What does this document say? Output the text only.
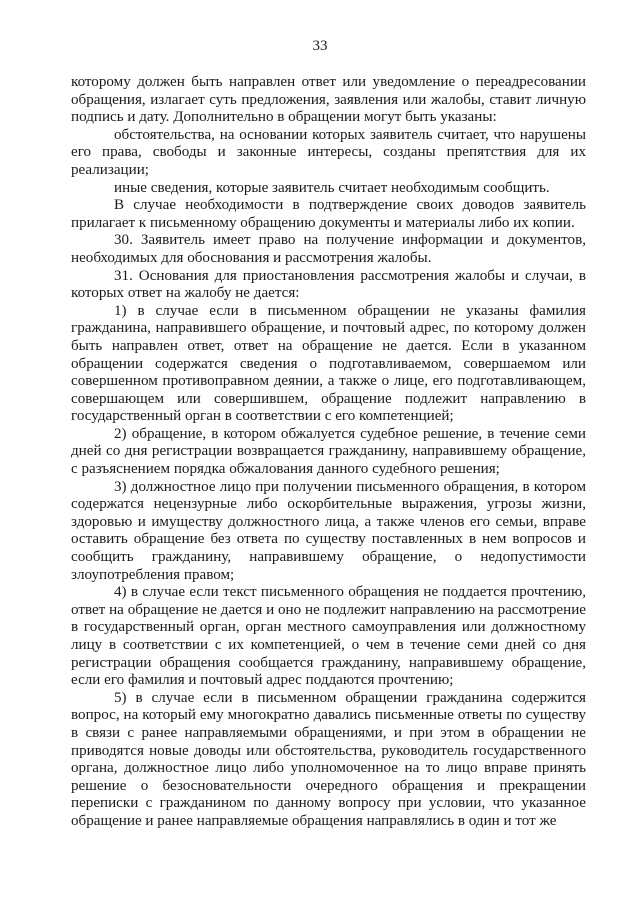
33

которому должен быть направлен ответ или уведомление о переадресовании обращения, излагает суть предложения, заявления или жалобы, ставит личную подпись и дату. Дополнительно в обращении могут быть указаны:

обстоятельства, на основании которых заявитель считает, что нарушены его права, свободы и законные интересы, созданы препятствия для их реализации;

иные сведения, которые заявитель считает необходимым сообщить.

В случае необходимости в подтверждение своих доводов заявитель прилагает к письменному обращению документы и материалы либо их копии.

30. Заявитель имеет право на получение информации и документов, необходимых для обоснования и рассмотрения жалобы.

31. Основания для приостановления рассмотрения жалобы и случаи, в которых ответ на жалобу не дается:

1) в случае если в письменном обращении не указаны фамилия гражданина, направившего обращение, и почтовый адрес, по которому должен быть направлен ответ, ответ на обращение не дается. Если в указанном обращении содержатся сведения о подготавливаемом, совершаемом или совершенном противоправном деянии, а также о лице, его подготавливающем, совершающем или совершившем, обращение подлежит направлению в государственный орган в соответствии с его компетенцией;

2) обращение, в котором обжалуется судебное решение, в течение семи дней со дня регистрации возвращается гражданину, направившему обращение, с разъяснением порядка обжалования данного судебного решения;

3) должностное лицо при получении письменного обращения, в котором содержатся нецензурные либо оскорбительные выражения, угрозы жизни, здоровью и имуществу должностного лица, а также членов его семьи, вправе оставить обращение без ответа по существу поставленных в нем вопросов и сообщить гражданину, направившему обращение, о недопустимости злоупотребления правом;

4) в случае если текст письменного обращения не поддается прочтению, ответ на обращение не дается и оно не подлежит направлению на рассмотрение в государственный орган, орган местного самоуправления или должностному лицу в соответствии с их компетенцией, о чем в течение семи дней со дня регистрации обращения сообщается гражданину, направившему обращение, если его фамилия и почтовый адрес поддаются прочтению;

5) в случае если в письменном обращении гражданина содержится вопрос, на который ему многократно давались письменные ответы по существу в связи с ранее направляемыми обращениями, и при этом в обращении не приводятся новые доводы или обстоятельства, руководитель государственного органа, должностное лицо либо уполномоченное на то лицо вправе принять решение о безосновательности очередного обращения и прекращении переписки с гражданином по данному вопросу при условии, что указанное обращение и ранее направляемые обращения направлялись в один и тот же
